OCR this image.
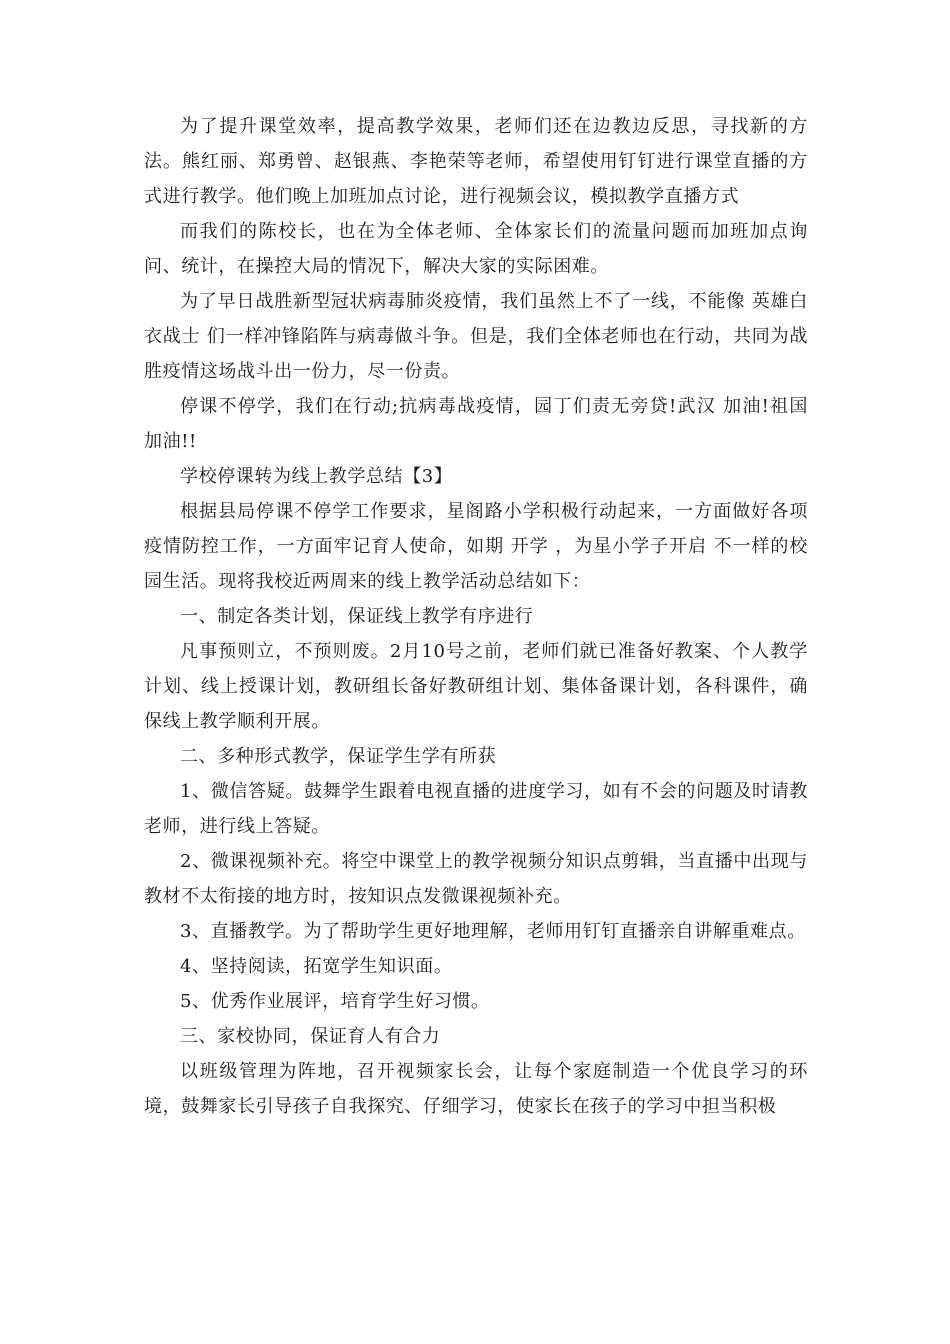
为了提升课堂效率，提高教学效果，老师们还在边教边反思，寻找新的方法。熊红丽、郑勇曾、赵银燕、李艳荣等老师，希望使用钉钉进行课堂直播的方式进行教学。他们晚上加班加点讨论，进行视频会议，模拟教学直播方式

而我们的陈校长，也在为全体老师、全体家长们的流量问题而加班加点询问、统计，在操控大局的情况下，解决大家的实际困难。

为了早日战胜新型冠状病毒肺炎疫情，我们虽然上不了一线，不能像 英雄白衣战士 们一样冲锋陷阵与病毒做斗争。但是，我们全体老师也在行动，共同为战胜疫情这场战斗出一份力，尽一份责。

停课不停学，我们在行动;抗病毒战疫情，园丁们责无旁贷!武汉 加油!祖国 加油!!

学校停课转为线上教学总结【3】

根据县局停课不停学工作要求，星阁路小学积极行动起来，一方面做好各项疫情防控工作，一方面牢记育人使命，如期 开学 ，为星小学子开启 不一样的校园生活。现将我校近两周来的线上教学活动总结如下：

一、制定各类计划，保证线上教学有序进行

凡事预则立，不预则废。2月10号之前，老师们就已准备好教案、个人教学计划、线上授课计划，教研组长备好教研组计划、集体备课计划，各科课件，确保线上教学顺利开展。

二、多种形式教学，保证学生学有所获

1、微信答疑。鼓舞学生跟着电视直播的进度学习，如有不会的问题及时请教老师，进行线上答疑。

2、微课视频补充。将空中课堂上的教学视频分知识点剪辑，当直播中出现与教材不太衔接的地方时，按知识点发微课视频补充。

3、直播教学。为了帮助学生更好地理解，老师用钉钉直播亲自讲解重难点。

4、坚持阅读，拓宽学生知识面。

5、优秀作业展评，培育学生好习惯。

三、家校协同，保证育人有合力

以班级管理为阵地，召开视频家长会，让每个家庭制造一个优良学习的环境，鼓舞家长引导孩子自我探究、仔细学习，使家长在孩子的学习中担当积极
